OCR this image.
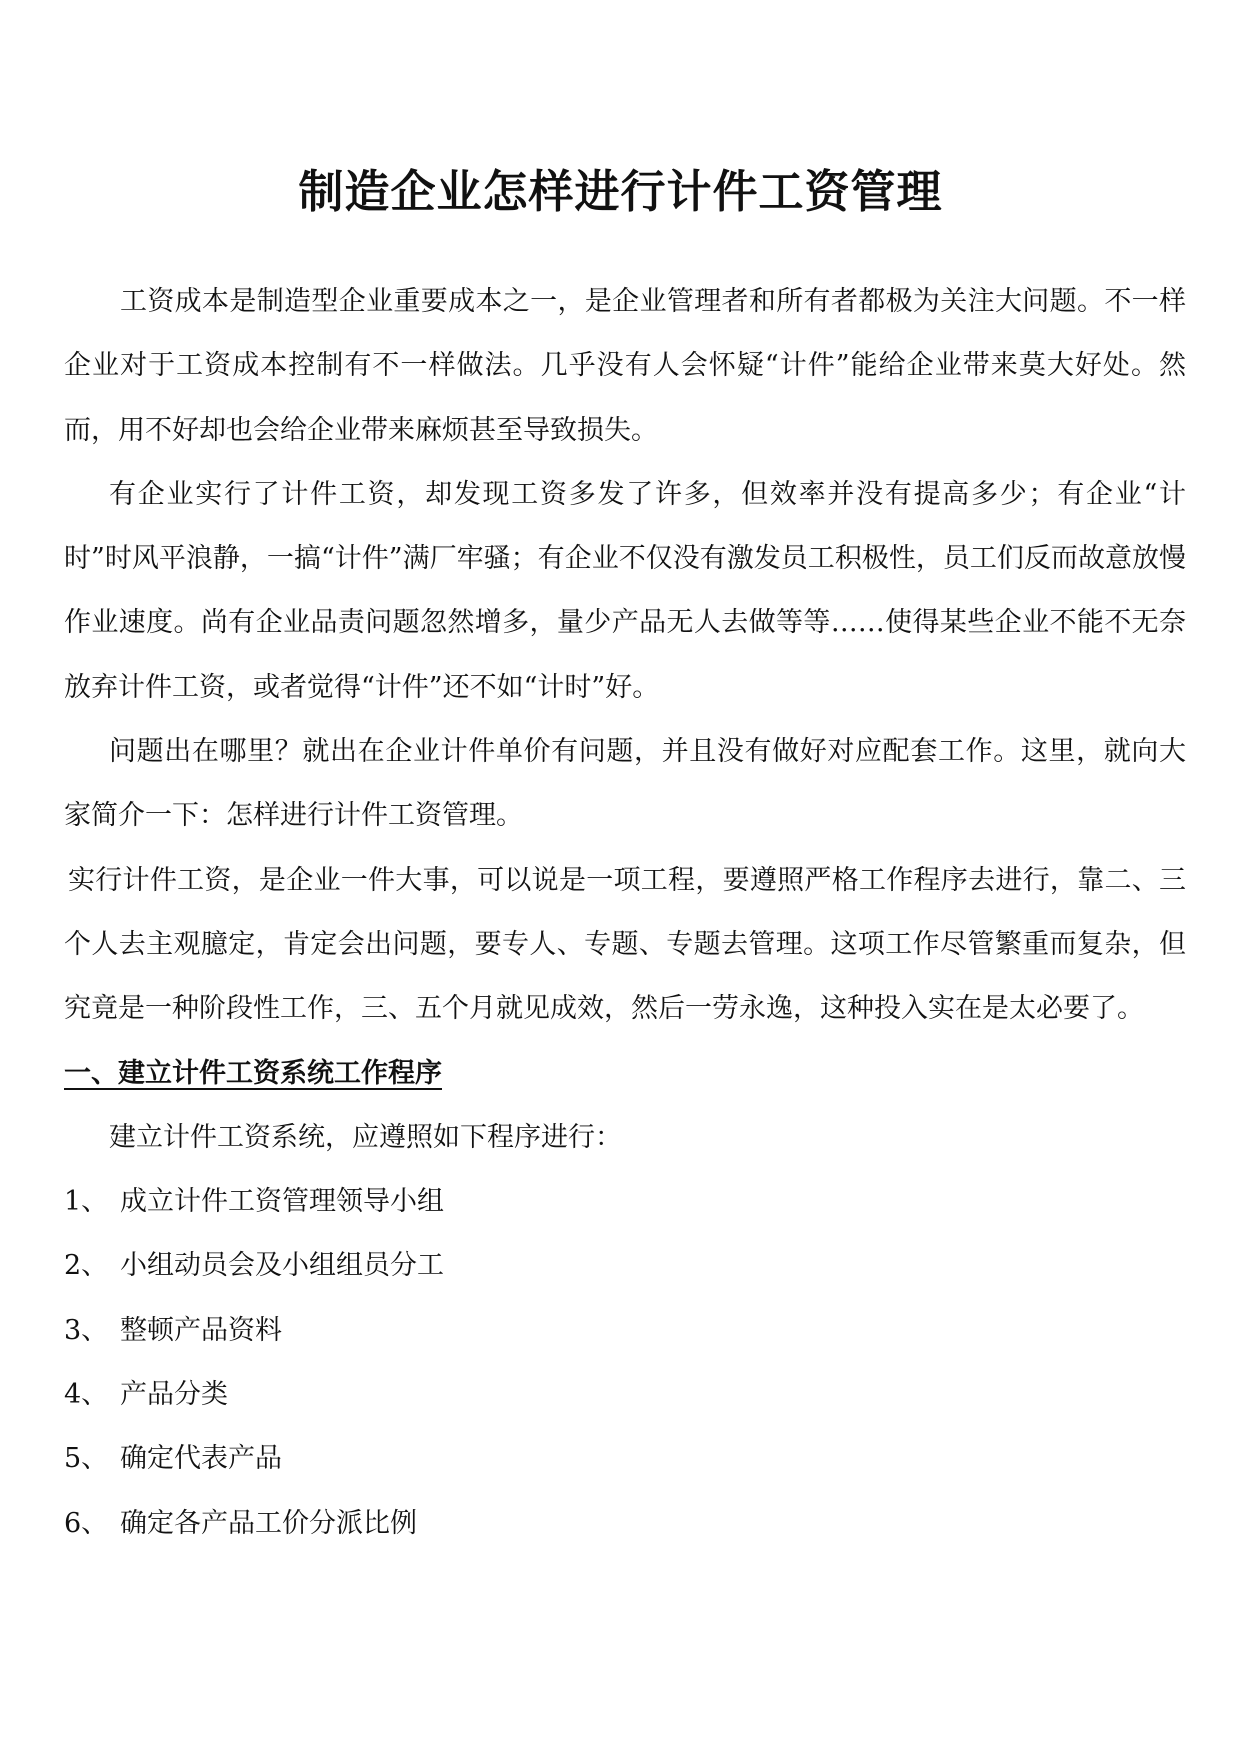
制造企业怎样进行计件工资管理

工资成本是制造型企业重要成本之一，是企业管理者和所有者都极为关注大问题。不一样企业对于工资成本控制有不一样做法。几乎没有人会怀疑“计件”能给企业带来莫大好处。然而，用不好却也会给企业带来麻烦甚至导致损失。

有企业实行了计件工资，却发现工资多发了许多，但效率并没有提高多少；有企业“计时”时风平浪静，一搞“计件”满厂牢骚；有企业不仅没有激发员工积极性，员工们反而故意放慢作业速度。尚有企业品责问题忽然增多，量少产品无人去做等等……使得某些企业不能不无奈放弃计件工资，或者觉得“计件”还不如“计时”好。

问题出在哪里？就出在企业计件单价有问题，并且没有做好对应配套工作。这里，就向大家简介一下：怎样进行计件工资管理。

实行计件工资，是企业一件大事，可以说是一项工程，要遵照严格工作程序去进行，靠二、三个人去主观臆定，肯定会出问题，要专人、专题、专题去管理。这项工作尽管繁重而复杂，但究竟是一种阶段性工作，三、五个月就见成效，然后一劳永逸，这种投入实在是太必要了。

一、建立计件工资系统工作程序

建立计件工资系统，应遵照如下程序进行：

1、 成立计件工资管理领导小组
2、 小组动员会及小组组员分工
3、 整顿产品资料
4、 产品分类
5、 确定代表产品
6、 确定各产品工价分派比例
